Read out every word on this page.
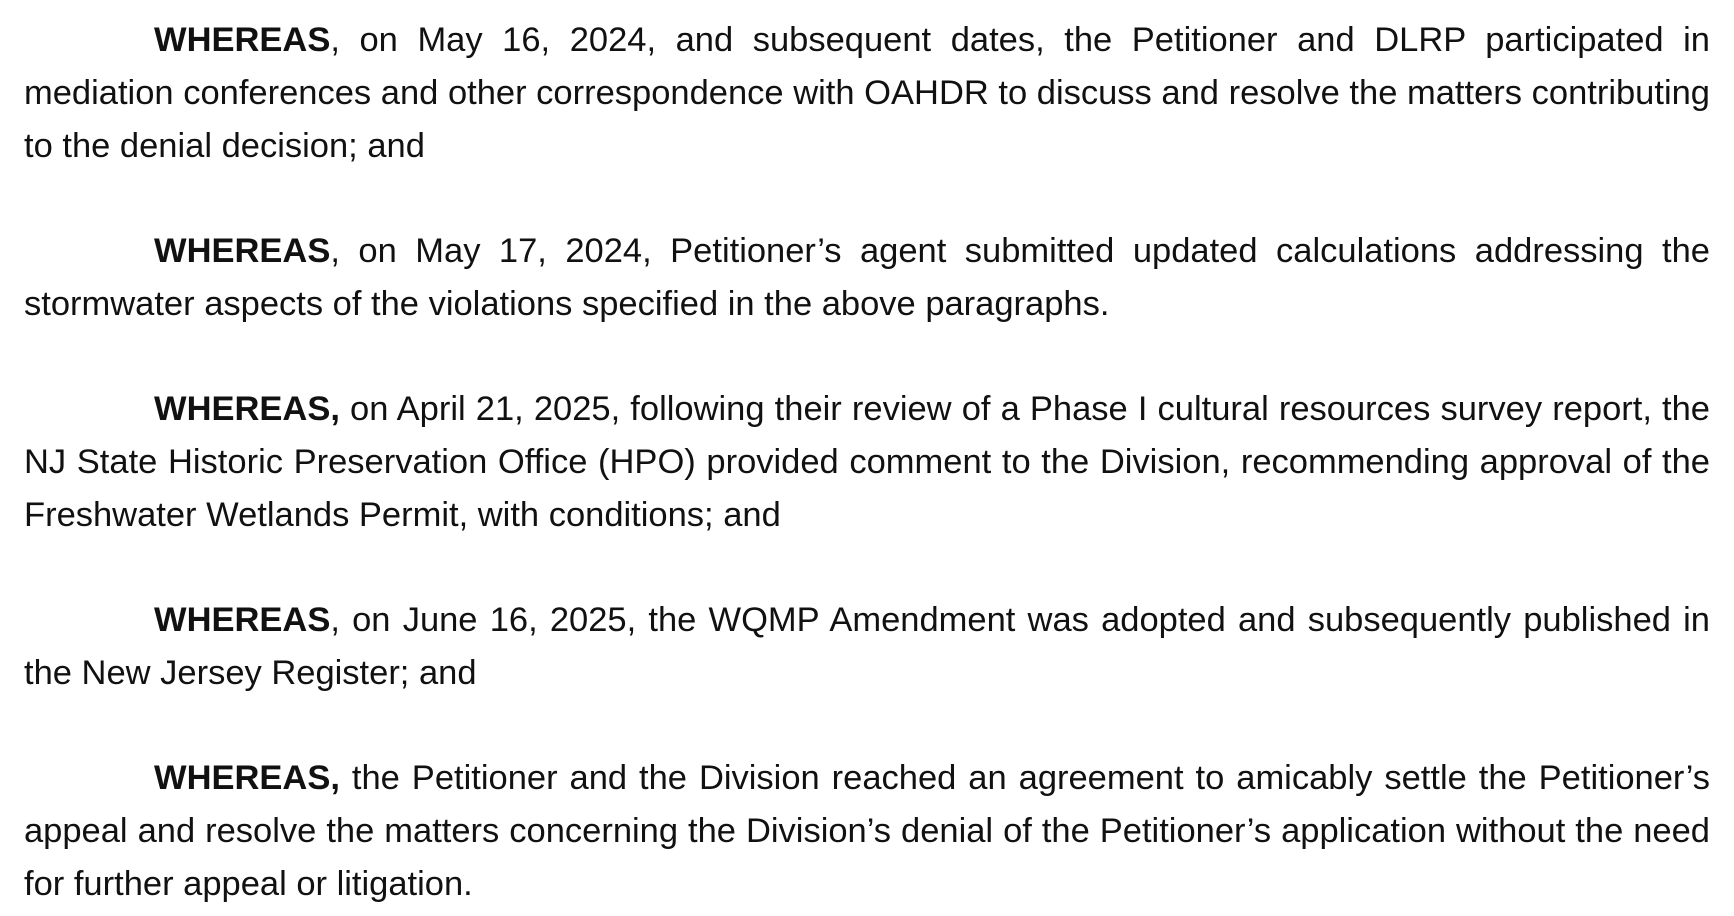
WHEREAS, on May 16, 2024, and subsequent dates, the Petitioner and DLRP participated in mediation conferences and other correspondence with OAHDR to discuss and resolve the matters contributing to the denial decision; and

WHEREAS, on May 17, 2024, Petitioner’s agent submitted updated calculations addressing the stormwater aspects of the violations specified in the above paragraphs.

WHEREAS, on April 21, 2025, following their review of a Phase I cultural resources survey report, the NJ State Historic Preservation Office (HPO) provided comment to the Division, recommending approval of the Freshwater Wetlands Permit, with conditions; and

WHEREAS, on June 16, 2025, the WQMP Amendment was adopted and subsequently published in the New Jersey Register; and

WHEREAS, the Petitioner and the Division reached an agreement to amicably settle the Petitioner’s appeal and resolve the matters concerning the Division’s denial of the Petitioner’s application without the need for further appeal or litigation.
